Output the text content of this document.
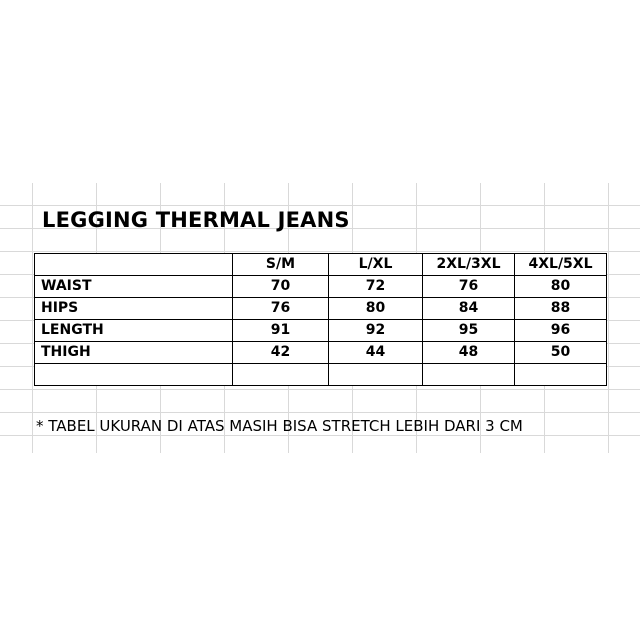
LEGGING THERMAL JEANS
	S/M	L/XL	2XL/3XL	4XL/5XL
WAIST	70	72	76	80
HIPS	76	80	84	88
LENGTH	91	92	95	96
THIGH	42	44	48	50

* TABEL UKURAN DI ATAS MASIH BISA STRETCH LEBIH DARI 3 CM
